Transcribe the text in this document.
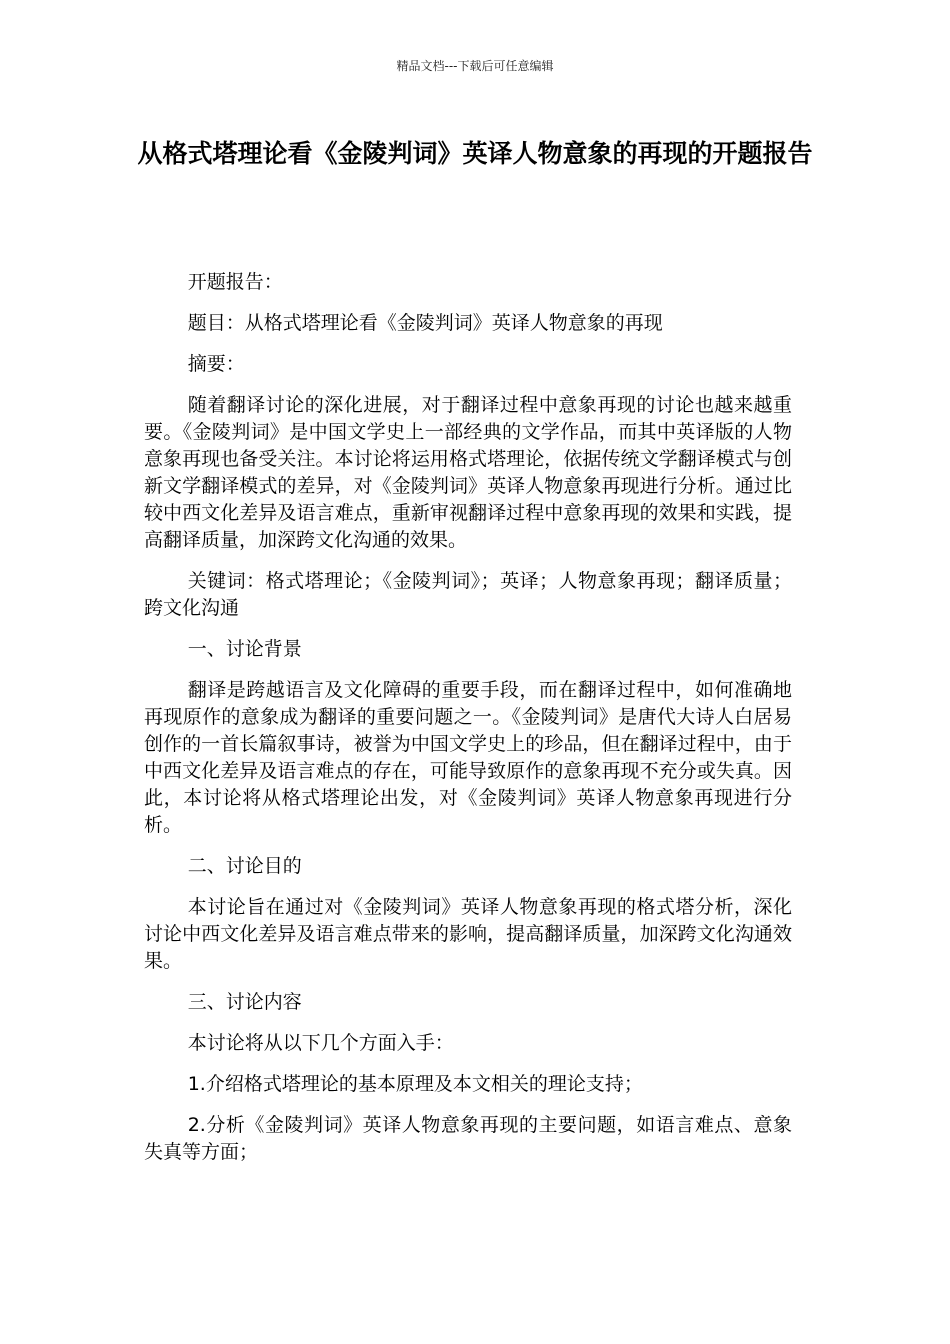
精品文档---下载后可任意编辑
从格式塔理论看《金陵判词》英译人物意象的再现的开题报告

开题报告：

题目：从格式塔理论看《金陵判词》英译人物意象的再现

摘要：

随着翻译讨论的深化进展，对于翻译过程中意象再现的讨论也越来越重要。《金陵判词》是中国文学史上一部经典的文学作品，而其中英译版的人物意象再现也备受关注。本讨论将运用格式塔理论，依据传统文学翻译模式与创新文学翻译模式的差异，对《金陵判词》英译人物意象再现进行分析。通过比较中西文化差异及语言难点，重新审视翻译过程中意象再现的效果和实践，提高翻译质量，加深跨文化沟通的效果。

关键词：格式塔理论；《金陵判词》；英译；人物意象再现；翻译质量；跨文化沟通

一、讨论背景

翻译是跨越语言及文化障碍的重要手段，而在翻译过程中，如何准确地再现原作的意象成为翻译的重要问题之一。《金陵判词》是唐代大诗人白居易创作的一首长篇叙事诗，被誉为中国文学史上的珍品，但在翻译过程中，由于中西文化差异及语言难点的存在，可能导致原作的意象再现不充分或失真。因此，本讨论将从格式塔理论出发，对《金陵判词》英译人物意象再现进行分析。

二、讨论目的

本讨论旨在通过对《金陵判词》英译人物意象再现的格式塔分析，深化讨论中西文化差异及语言难点带来的影响，提高翻译质量，加深跨文化沟通效果。

三、讨论内容

本讨论将从以下几个方面入手：

1.介绍格式塔理论的基本原理及本文相关的理论支持；

2.分析《金陵判词》英译人物意象再现的主要问题，如语言难点、意象失真等方面；
